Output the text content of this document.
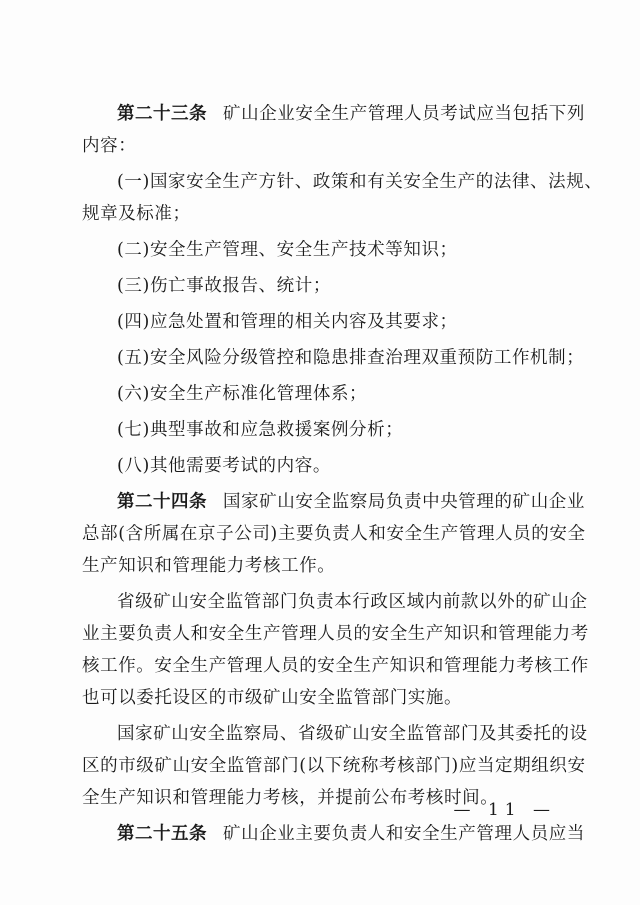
第二十三条 矿山企业安全生产管理人员考试应当包括下列
内容：
(一)国家安全生产方针、政策和有关安全生产的法律、法规、
规章及标准；
(二)安全生产管理、安全生产技术等知识；
(三)伤亡事故报告、统计；
(四)应急处置和管理的相关内容及其要求；
(五)安全风险分级管控和隐患排查治理双重预防工作机制；
(六)安全生产标准化管理体系；
(七)典型事故和应急救援案例分析；
(八)其他需要考试的内容。
第二十四条 国家矿山安全监察局负责中央管理的矿山企业
总部(含所属在京子公司)主要负责人和安全生产管理人员的安全
生产知识和管理能力考核工作。
省级矿山安全监管部门负责本行政区域内前款以外的矿山企
业主要负责人和安全生产管理人员的安全生产知识和管理能力考
核工作。安全生产管理人员的安全生产知识和管理能力考核工作
也可以委托设区的市级矿山安全监管部门实施。
国家矿山安全监察局、省级矿山安全监管部门及其委托的设
区的市级矿山安全监管部门(以下统称考核部门)应当定期组织安
全生产知识和管理能力考核，并提前公布考核时间。
第二十五条 矿山企业主要负责人和安全生产管理人员应当
— 11 —
